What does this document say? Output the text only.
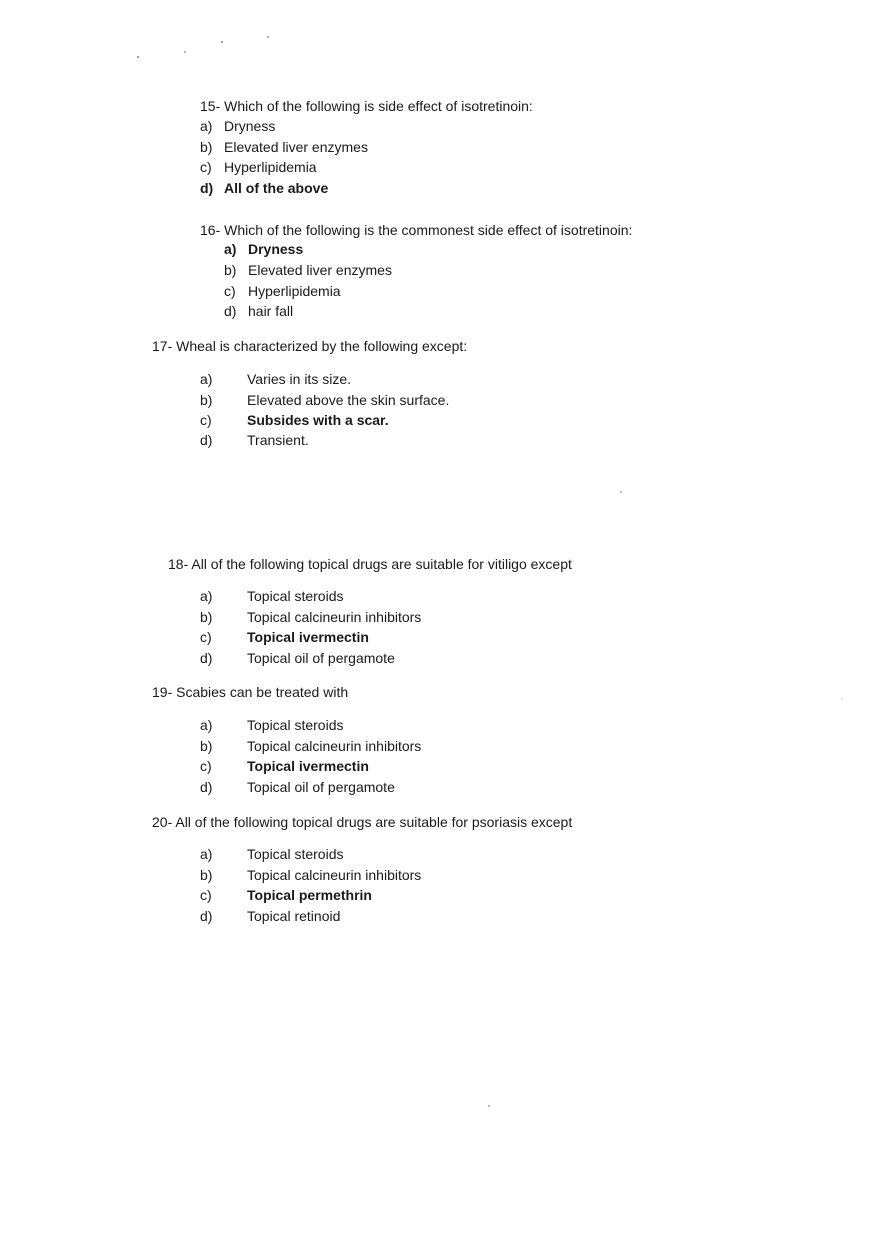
15- Which of the following is side effect of isotretinoin:
a) Dryness
b) Elevated liver enzymes
c) Hyperlipidemia
d) All of the above
16- Which of the following is the commonest side effect of isotretinoin:
a) Dryness
b) Elevated liver enzymes
c) Hyperlipidemia
d) hair fall
17- Wheal is characterized by the following except:
a) Varies in its size.
b) Elevated above the skin surface.
c)	Subsides with a scar.
d) Transient.
18- All of the following topical drugs are suitable for vitiligo except
a) Topical steroids
b) Topical calcineurin inhibitors
c)	Topical ivermectin
d) Topical oil of pergamote
19- Scabies can be treated with
a) Topical steroids
b) Topical calcineurin inhibitors
c)	Topical ivermectin
d) Topical oil of pergamote
20- All of the following topical drugs are suitable for psoriasis except
a) Topical steroids
b) Topical calcineurin inhibitors
c)	Topical permethrin
d) Topical retinoid
